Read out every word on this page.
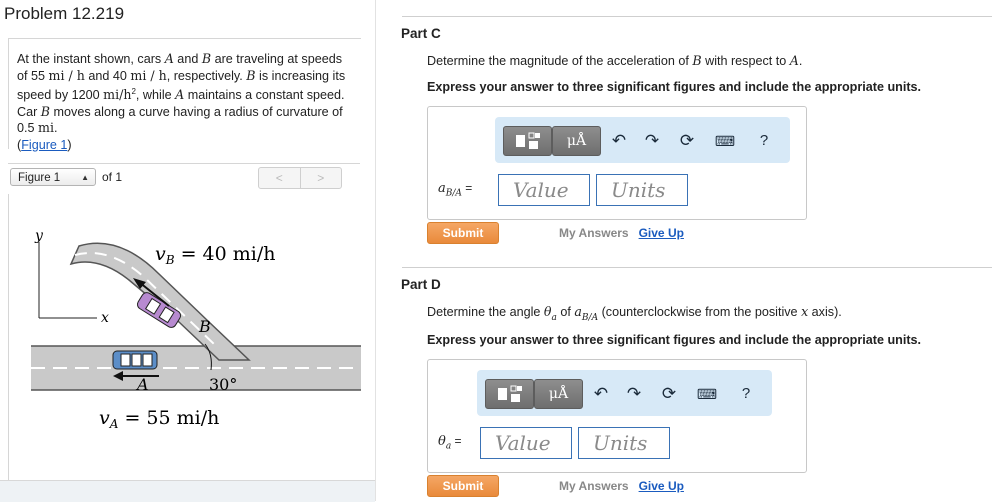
Problem 12.219
At the instant shown, cars A and B are traveling at speeds of 55 mi / h and 40 mi / h, respectively. B is increasing its speed by 1200 $mi/h^2$, while A maintains a constant speed. Car B moves along a curve having a radius of curvature of 0.5 mi.
(Figure 1)
Figure 1	▲ of 1	<	>
y
x
$v_B = 40$ mi/h
B
A	30°
$v_A = 55$ mi/h
Part C
Determine the magnitude of the acceleration of B with respect to A.
Express your answer to three significant figures and include the appropriate units.
μÅ	↶ ↷ ⟳ ⌨	?
$a_{B/A}$ =	Value	Units
Submit	My Answers Give Up
Part D
Determine the angle $\theta_a$ of $a_{B/A}$ (counterclockwise from the positive x axis).
Express your answer to three significant figures and include the appropriate units.
μÅ	↶ ↷ ⟳ ⌨	?
$\theta_a$ =	Value	Units
Submit	My Answers Give Up
